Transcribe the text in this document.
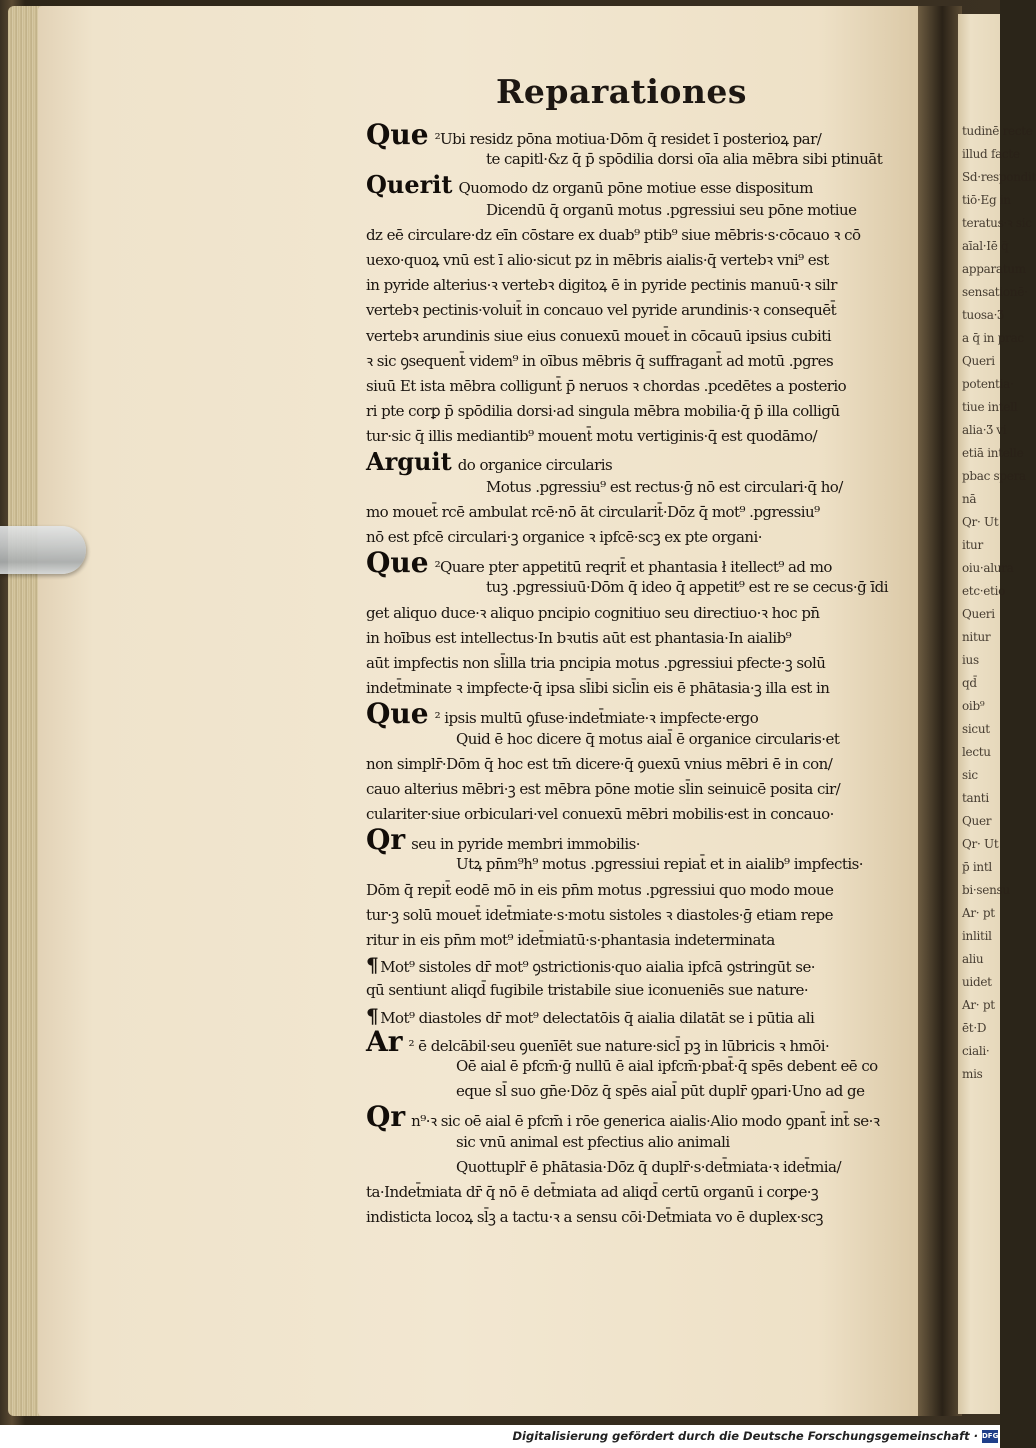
tudinē recte
illud facte
Sd·respondit
tiō·Eg in
teratus·ꝛ sic
aīal·Iē q̄
apparatum
sensationē·
tuosa·Ʒ
a q̄ in prac
Queri
potentia·
tiue intell
alia·Ʒ vi
etiā intelle
pbac spera
nā
Qr· Ut
itur
oiu·alura
etc·etio
Queri
nitur
ius
qd̄
oib⁹
sicut
lectu
sic
tanti
Quer
Qr· Ut
p̄ intl
bi·sensu
Ar· pt
inlitil
aliu
uidet
Ar· pt
ēt·D
ciali·
mis
Reparationes
Que ²Ubi residz pōna motiua·Dōm q̄ residet ī posterioꝝ par/
te capitl·&z q̄ p̄ spōdilia dorsi oīa alia mēbra sibi ptinuāt
Querit Quomodo dz organū pōne motiue esse dispositum
Dicendū q̄ organū motus .pgressiui seu pōne motiue
dz eē circulare·dz eīn cōstare ex duab⁹ ptib⁹ siue mēbris·s·cōcauo ꝛ cō
uexo·quoꝝ vnū est ī alio·sicut pz in mēbris aialis·q̄ vertebꝛ vni⁹ est
in pyride alterius·ꝛ vertebꝛ digitoꝝ ē in pyride pectinis manuū·ꝛ silr
vertebꝛ pectinis·voluit̄ in concauo vel pyride arundinis·ꝛ consequēt̄
vertebꝛ arundinis siue eius conuexū mouet̄ in cōcauū ipsius cubiti
ꝛ sic ꝯsequent̄ videm⁹ in oībus mēbris q̄ suffragant̄ ad motū .pgres
siuū Et ista mēbra colligunt̄ p̄ neruos ꝛ chordas .pcedētes a posterio
ri pte corꝑ p̄ spōdilia dorsi·ad singula mēbra mobilia·q̄ p̄ illa colligū
tur·sic q̄ illis mediantib⁹ mouent̄ motu vertiginis·q̄ est quodāmo/
Arguit do organice circularis
Motus .pgressiu⁹ est rectus·ḡ nō est circulari·q̄ ho/
mo mouet̄ rcē ambulat rcē·nō āt circularit̄·Dōz q̄ mot⁹ .pgressiu⁹
nō est pfcē circulari·ꝫ organice ꝛ ipfcē·scꝫ ex pte organi·
Que ²Quare pter appetitū reqrit̄ et phantasia ł itellect⁹ ad mo
tuꝫ .pgressiuū·Dōm q̄ ideo q̄ appetit⁹ est re se cecus·ḡ īdi
get aliquo duce·ꝛ aliquo pncipio cognitiuo seu directiuo·ꝛ hoc pn̄
in hoībus est intellectus·In bꝛutis aūt est phantasia·In aialib⁹
aūt impfectis non sl̄illa tria pncipia motus .pgressiui pfecte·ꝫ solū
indet̄minate ꝛ impfecte·q̄ ipsa sl̄ibi sicl̄in eis ē phātasia·ꝫ illa est in
Que ² ipsis multū ꝯfuse·indet̄miate·ꝛ impfecte·ergo
Quid ē hoc dicere q̄ motus aial̄ ē organice circularis·et
non simplr̄·Dōm q̄ hoc est tm̄ dicere·q̄ ꝯuexū vnius mēbri ē in con/
cauo alterius mēbri·ꝫ est mēbra pōne motie sl̄in seinuicē posita cir/
culariter·siue orbiculari·vel conuexū mēbri mobilis·est in concauo·
Qr seu in pyride membri immobilis·
Utꝝ pn̄m⁹h⁹ motus .pgressiui repiat̄ et in aialib⁹ impfectis·
Dōm q̄ repit̄ eodē mō in eis pn̄m motus .pgressiui quo modo moue
tur·ꝫ solū mouet̄ idet̄miate·s·motu sistoles ꝛ diastoles·ḡ etiam repe
ritur in eis pn̄m mot⁹ idet̄miatū·s·phantasia indeterminata
¶ Mot⁹ sistoles dr̄ mot⁹ ꝯstrictionis·quo aialia ipfcā ꝯstringūt se·
qū sentiunt aliqd̄ fugibile tristabile siue iconueniēs sue nature·
¶ Mot⁹ diastoles dr̄ mot⁹ delectatōis q̄ aialia dilatāt se i pūtia ali
Ar ² ē delcābil·seu ꝯuenīēt sue nature·sicl̄ pꝫ in lūbricis ꝛ hmōi·
Oē aial ē pfcm̄·ḡ nullū ē aial ipfcm̄·pbat̄·q̄ spēs debent eē co
eque sl̄ suo gn̄e·Dōz q̄ spēs aial̄ pūt duplr̄ ꝯpari·Uno ad ge
Qr n⁹·ꝛ sic oē aial ē pfcm̄ i rōe generica aialis·Alio modo ꝯpant̄ int̄ se·ꝛ
sic vnū animal est pfectius alio animali
Quottuplr̄ ē phātasia·Dōz q̄ duplr̄·s·det̄miata·ꝛ idet̄mia/
ta·Indet̄miata dr̄ q̄ nō ē det̄miata ad aliqd̄ certū organū i corꝑe·ꝫ
indisticta locoꝝ sl̄ꝫ a tactu·ꝛ a sensu cōi·Det̄miata vo ē duplex·scꝫ
Digitalisierung gefördert durch die Deutsche Forschungsgemeinschaft · DFG
